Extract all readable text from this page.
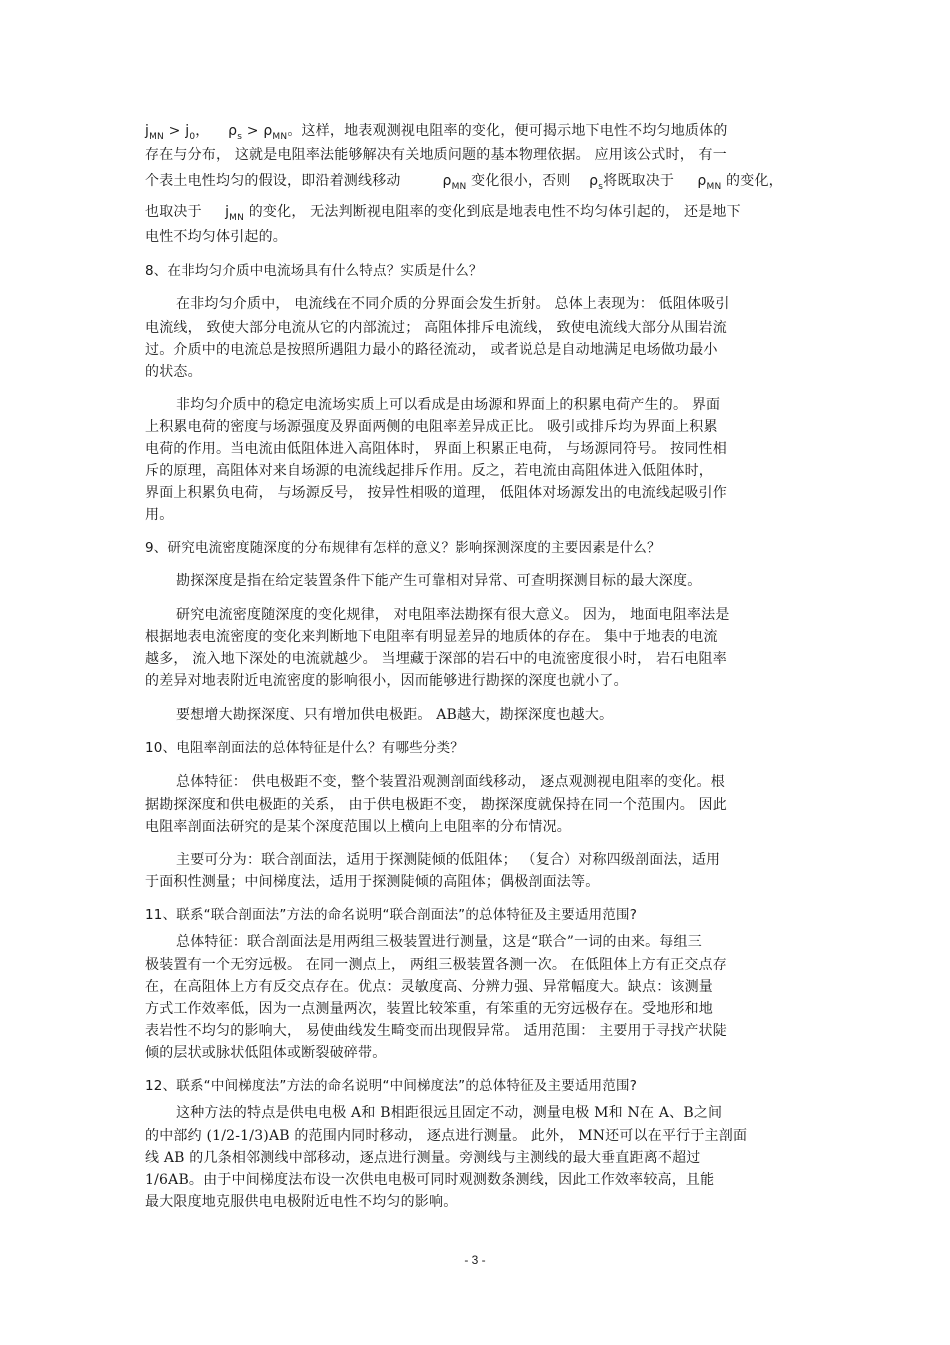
$j_{MN} > j_0$， $\rho_s > \rho_{MN}$。这样，地表观测视电阻率的变化，便可揭示地下电性不均匀地质体的
存在与分布， 这就是电阻率法能够解决有关地质问题的基本物理依据。 应用该公式时， 有一
个表土电性均匀的假设，即沿着测线移动	$\rho_{MN}$ 变化很小，否则 $\rho_s$将既取决于 $\rho_{MN}$ 的变化，
也取决于 $j_{MN}$ 的变化， 无法判断视电阻率的变化到底是地表电性不均匀体引起的， 还是地下
电性不均匀体引起的。
8、在非均匀介质中电流场具有什么特点？实质是什么？
在非均匀介质中， 电流线在不同介质的分界面会发生折射。 总体上表现为： 低阻体吸引
电流线， 致使大部分电流从它的内部流过； 高阻体排斥电流线， 致使电流线大部分从围岩流
过。介质中的电流总是按照所遇阻力最小的路径流动， 或者说总是自动地满足电场做功最小
的状态。
非均匀介质中的稳定电流场实质上可以看成是由场源和界面上的积累电荷产生的。 界面
上积累电荷的密度与场源强度及界面两侧的电阻率差异成正比。 吸引或排斥均为界面上积累
电荷的作用。当电流由低阻体进入高阻体时， 界面上积累正电荷， 与场源同符号。 按同性相
斥的原理，高阻体对来自场源的电流线起排斥作用。反之，若电流由高阻体进入低阻体时，
界面上积累负电荷， 与场源反号， 按异性相吸的道理， 低阻体对场源发出的电流线起吸引作
用。
9、研究电流密度随深度的分布规律有怎样的意义？影响探测深度的主要因素是什么？
勘探深度是指在给定装置条件下能产生可靠相对异常、可查明探测目标的最大深度。
研究电流密度随深度的变化规律， 对电阻率法勘探有很大意义。 因为， 地面电阻率法是
根据地表电流密度的变化来判断地下电阻率有明显差异的地质体的存在。 集中于地表的电流
越多， 流入地下深处的电流就越少。 当埋藏于深部的岩石中的电流密度很小时， 岩石电阻率
的差异对地表附近电流密度的影响很小，因而能够进行勘探的深度也就小了。
要想增大勘探深度、只有增加供电极距。 AB越大，勘探深度也越大。
10、电阻率剖面法的总体特征是什么？有哪些分类？
总体特征： 供电极距不变，整个装置沿观测剖面线移动， 逐点观测视电阻率的变化。根
据勘探深度和供电极距的关系， 由于供电极距不变， 勘探深度就保持在同一个范围内。 因此
电阻率剖面法研究的是某个深度范围以上横向上电阻率的分布情况。
主要可分为：联合剖面法，适用于探测陡倾的低阻体； （复合）对称四级剖面法，适用
于面积性测量；中间梯度法，适用于探测陡倾的高阻体；偶极剖面法等。
11、联系“联合剖面法”方法的命名说明“联合剖面法”的总体特征及主要适用范围?
总体特征：联合剖面法是用两组三极装置进行测量，这是“联合”一词的由来。每组三
极装置有一个无穷远极。 在同一测点上， 两组三极装置各测一次。 在低阻体上方有正交点存
在，在高阻体上方有反交点存在。优点：灵敏度高、分辨力强、异常幅度大。缺点：该测量
方式工作效率低，因为一点测量两次，装置比较笨重，有笨重的无穷远极存在。受地形和地
表岩性不均匀的影响大， 易使曲线发生畸变而出现假异常。 适用范围： 主要用于寻找产状陡
倾的层状或脉状低阻体或断裂破碎带。
12、联系“中间梯度法”方法的命名说明“中间梯度法”的总体特征及主要适用范围?
这种方法的特点是供电电极 A和 B相距很远且固定不动，测量电极 M和 N在 A、B之间
的中部约 (1/2-1/3)AB 的范围内同时移动， 逐点进行测量。 此外， MN还可以在平行于主剖面
线 AB 的几条相邻测线中部移动，逐点进行测量。旁测线与主测线的最大垂直距离不超过
1/6AB。由于中间梯度法布设一次供电电极可同时观测数条测线，因此工作效率较高，且能
最大限度地克服供电电极附近电性不均匀的影响。
- 3 -
